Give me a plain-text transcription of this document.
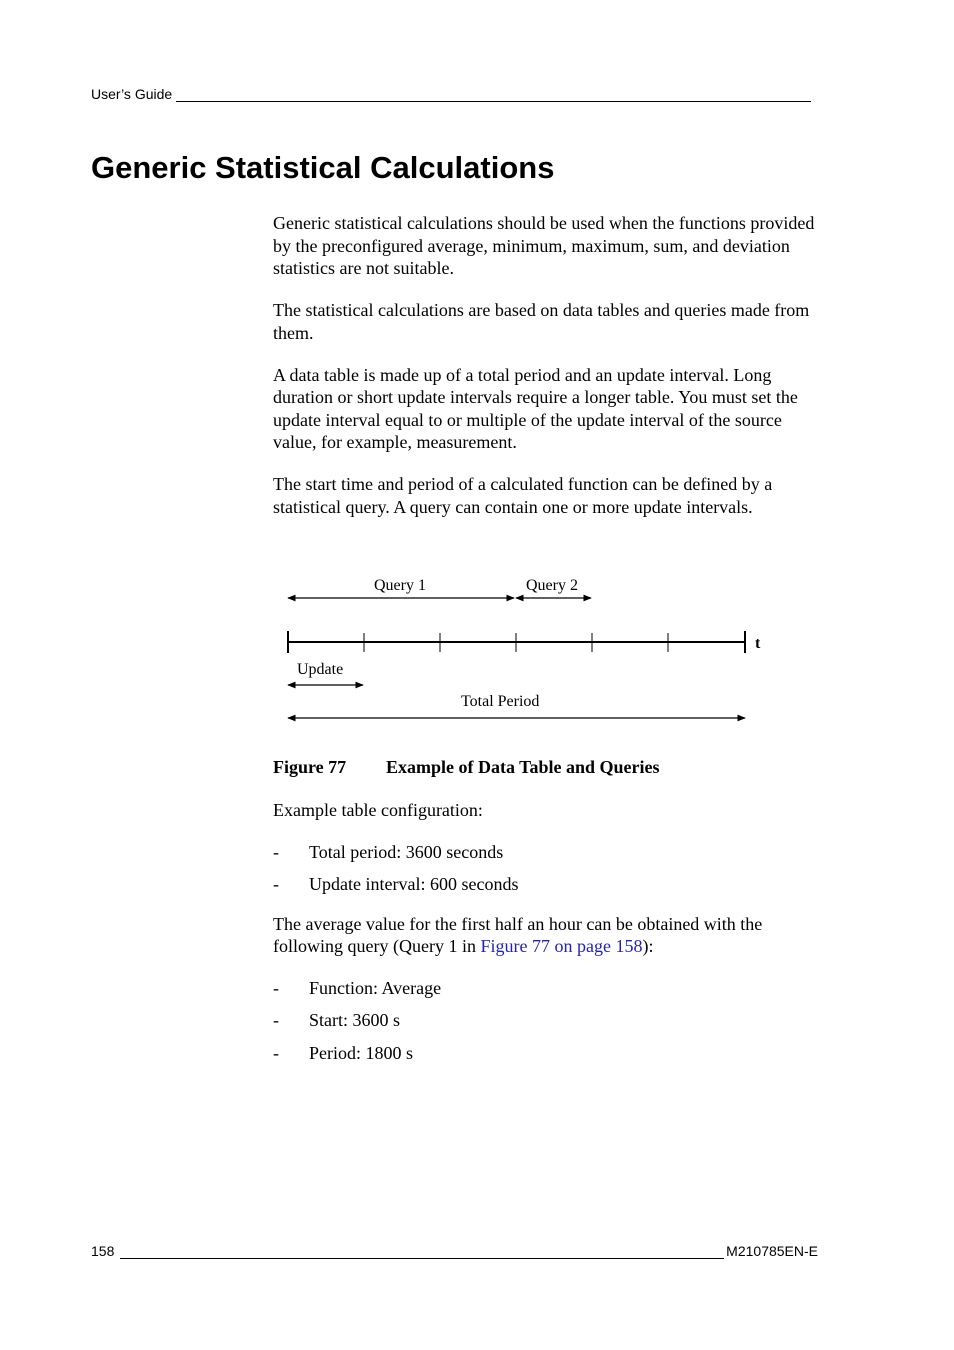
User’s Guide
Generic Statistical Calculations

Generic statistical calculations should be used when the functions provided by the preconfigured average, minimum, maximum, sum, and deviation statistics are not suitable.

The statistical calculations are based on data tables and queries made from them.

A data table is made up of a total period and an update interval. Long duration or short update intervals require a longer table. You must set the update interval equal to or multiple of the update interval of the source value, for example, measurement.

The start time and period of a calculated function can be defined by a statistical query. A query can contain one or more update intervals.

Query 1	Query 2
t
Update
Total Period
Figure 77 Example of Data Table and Queries

Example table configuration:

-	Total period: 3600 seconds
-	Update interval: 600 seconds

The average value for the first half an hour can be obtained with the following query (Query 1 in Figure 77 on page 158):

-	Function: Average
-	Start: 3600 s
-	Period: 1800 s
158	M210785EN-E
